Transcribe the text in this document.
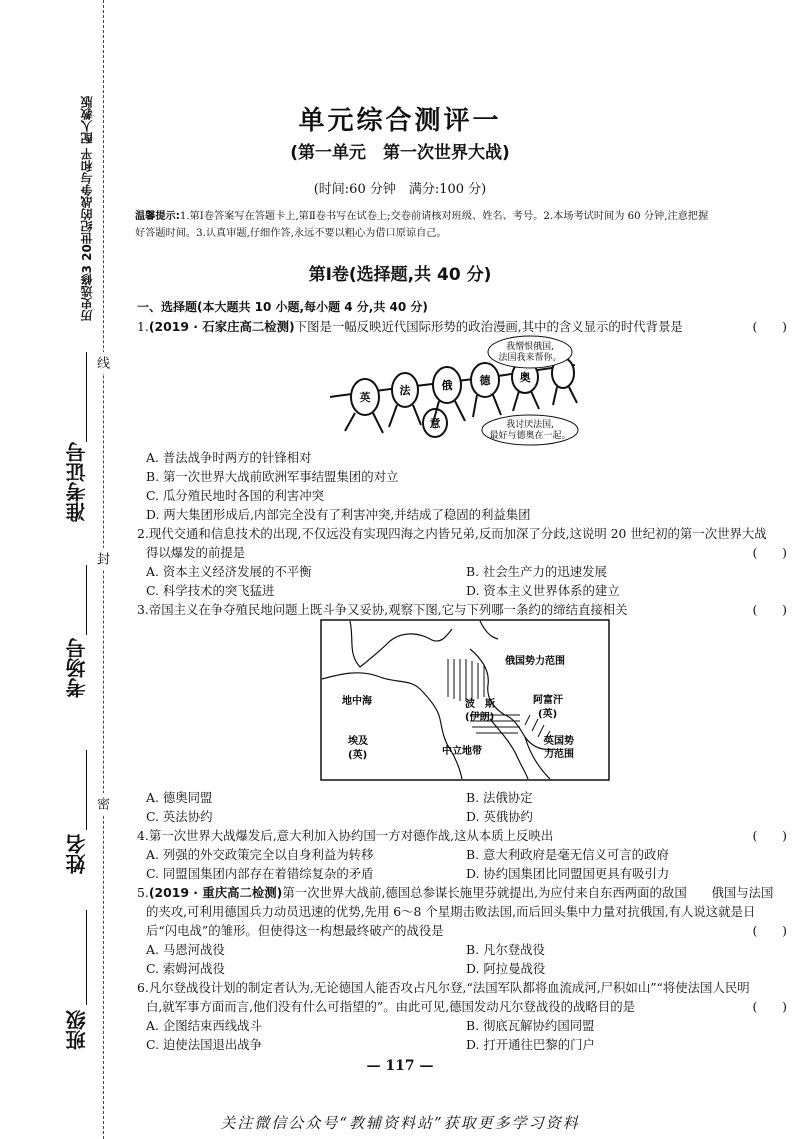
历史选修3 20世纪的战争与和平 配人教版
准考证号
考场号
姓名
班级
线
封
密
单元综合测评一
(第一单元　第一次世界大战)
(时间:60 分钟　满分:100 分)
温馨提示:1.第Ⅰ卷答案写在答题卡上,第Ⅱ卷书写在试卷上;交卷前请核对班级、姓名、考号。2.本场考试时间为 60 分钟,注意把握
好答题时间。3.认真审题,仔细作答,永远不要以粗心为借口原谅自己。
第Ⅰ卷(选择题,共 40 分)
一、选择题(本大题共 10 小题,每小题 4 分,共 40 分)
1.(2019 · 石家庄高二检测)下图是一幅反映近代国际形势的政治漫画,其中的含义显示的时代背景是	(　　)
英
法	俄 德	奥
意
我憎恨俄国,
法国我来帮你。
我讨厌法国,
最好与德奥在一起。
A. 普法战争时两方的针锋相对
B. 第一次世界大战前欧洲军事结盟集团的对立
C. 瓜分殖民地时各国的利害冲突
D. 两大集团形成后,内部完全没有了利害冲突,并结成了稳固的利益集团
2.现代交通和信息技术的出现,不仅远没有实现四海之内皆兄弟,反而加深了分歧,这说明 20 世纪初的第一次世界大战
得以爆发的前提是	(　　)
A. 资本主义经济发展的不平衡	B. 社会生产力的迅速发展
C. 科学技术的突飞猛进	D. 资本主义世界体系的建立
3.帝国主义在争夺殖民地问题上既斗争又妥协,观察下图,它与下列哪一条约的缔结直接相关	(　　)
俄国势力范围
地中海	波　斯
(伊朗)
阿富汗
(英)
英国势
力范围
中立地带
埃及
(英)
A. 德奥同盟	B. 法俄协定
C. 英法协约	D. 英俄协约
4.第一次世界大战爆发后,意大利加入协约国一方对德作战,这从本质上反映出	(　　)
A. 列强的外交政策完全以自身利益为转移	B. 意大利政府是毫无信义可言的政府
C. 同盟国集团内部存在着错综复杂的矛盾	D. 协约国集团比同盟国更具有吸引力
5.(2019 · 重庆高二检测)第一次世界大战前,德国总参谋长施里芬就提出,为应付来自东西两面的敌国　　俄国与法国
的夹攻,可利用德国兵力动员迅速的优势,先用 6～8 个星期击败法国,而后回头集中力量对抗俄国,有人说这就是日
后“闪电战”的雏形。但使得这一构想最终破产的战役是	(　　)
A. 马恩河战役	B. 凡尔登战役
C. 索姆河战役	D. 阿拉曼战役
6.凡尔登战役计划的制定者认为,无论德国人能否攻占凡尔登,“法国军队都将血流成河,尸积如山”“将使法国人民明
白,就军事方面而言,他们没有什么可指望的”。由此可见,德国发动凡尔登战役的战略目的是	(　　)
A. 企图结束西线战斗	B. 彻底瓦解协约国同盟
C. 迫使法国退出战争	D. 打开通往巴黎的门户
— 117 —
关注微信公众号“教辅资料站”获取更多学习资料
